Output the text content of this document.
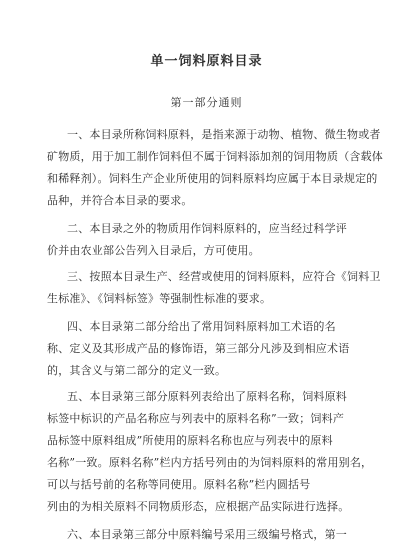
单一饲料原料目录
第一部分通则
一、本目录所称饲料原料，是指来源于动物、植物、微生物或者
矿物质，用于加工制作饲料但不属于饲料添加剂的饲用物质（含载体
和稀释剂）。饲料生产企业所使用的饲料原料均应属于本目录规定的
品种，并符合本目录的要求。
二、本目录之外的物质用作饲料原料的，应当经过科学评
价并由农业部公告列入目录后，方可使用。
三、按照本目录生产、经营或使用的饲料原料，应符合《饲料卫
生标准》、《饲料标签》等强制性标准的要求。
四、本目录第二部分给出了常用饲料原料加工术语的名
称、定义及其形成产品的修饰语，第三部分凡涉及到相应术语
的，其含义与第二部分的定义一致。
五、本目录第三部分原料列表给出了原料名称，饲料原料
标签中标识的产品名称应与列表中的原料名称”一致；饲料产
品标签中原料组成”所使用的原料名称也应与列表中的原料
名称”一致。原料名称”栏内方括号列由的为饲料原料的常用别名，
可以与括号前的名称等同使用。原料名称”栏内圆括号
列由的为相关原料不同物质形态，应根据产品实际进行选择。
六、本目录第三部分中原料编号采用三级编号格式，第一
